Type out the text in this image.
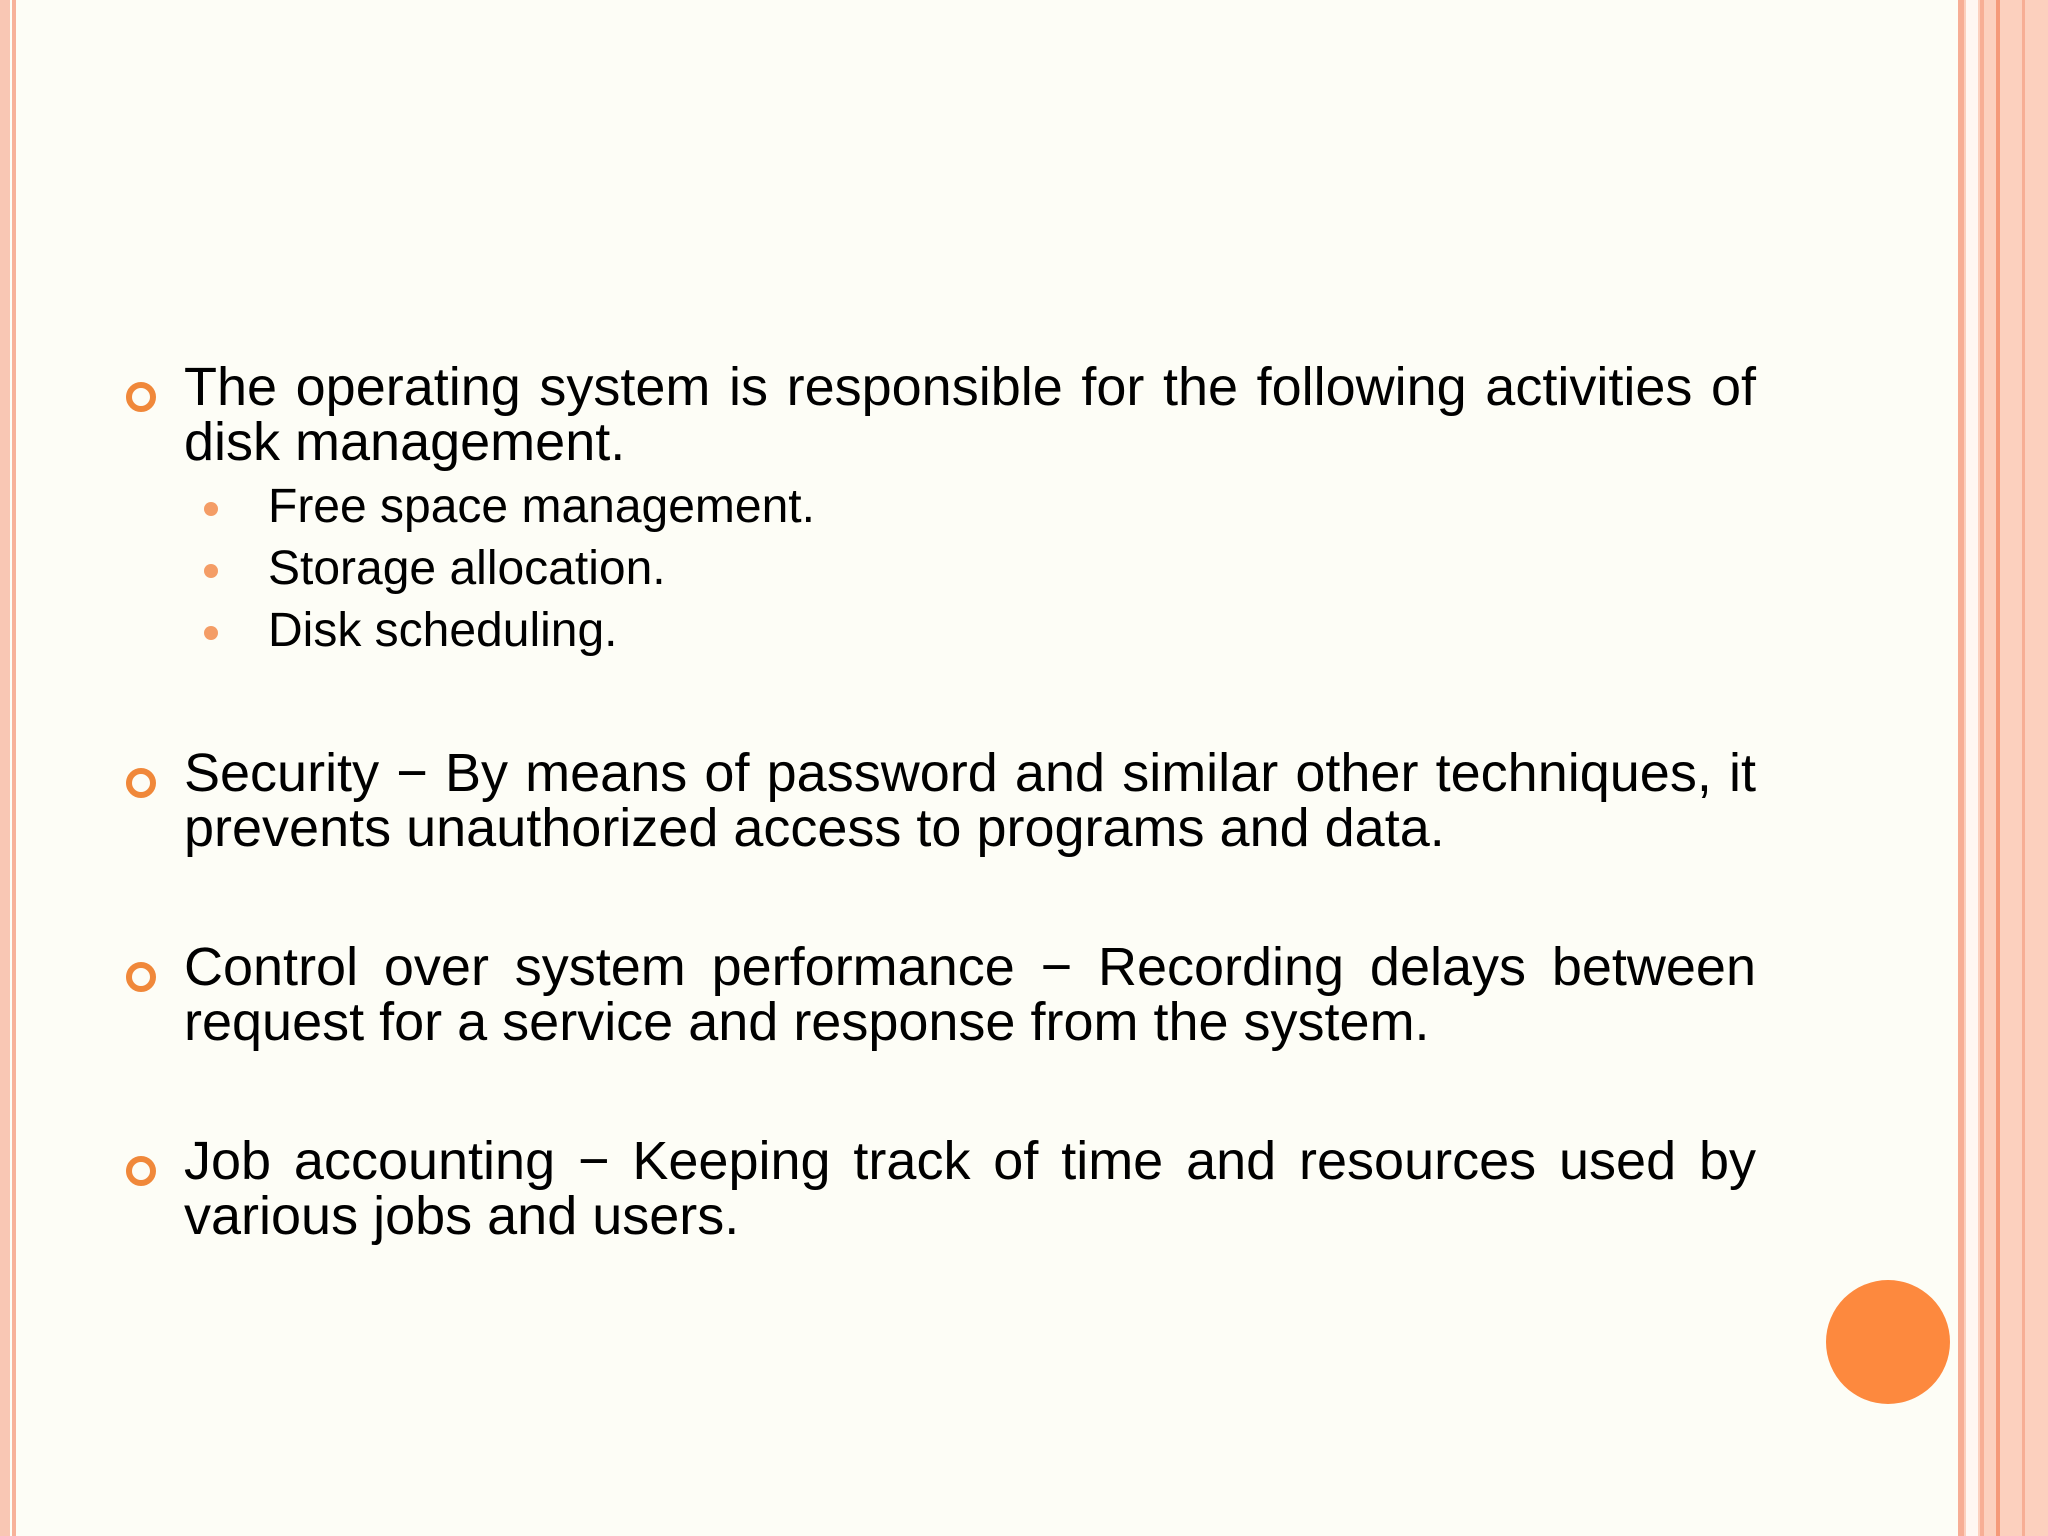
The operating system is responsible for the following activities of disk management.
Free space management.
Storage allocation.
Disk scheduling.
Security − By means of password and similar other techniques, it prevents unauthorized access to programs and data.
Control over system performance − Recording delays between request for a service and response from the system.
Job accounting − Keeping track of time and resources used by various jobs and users.
